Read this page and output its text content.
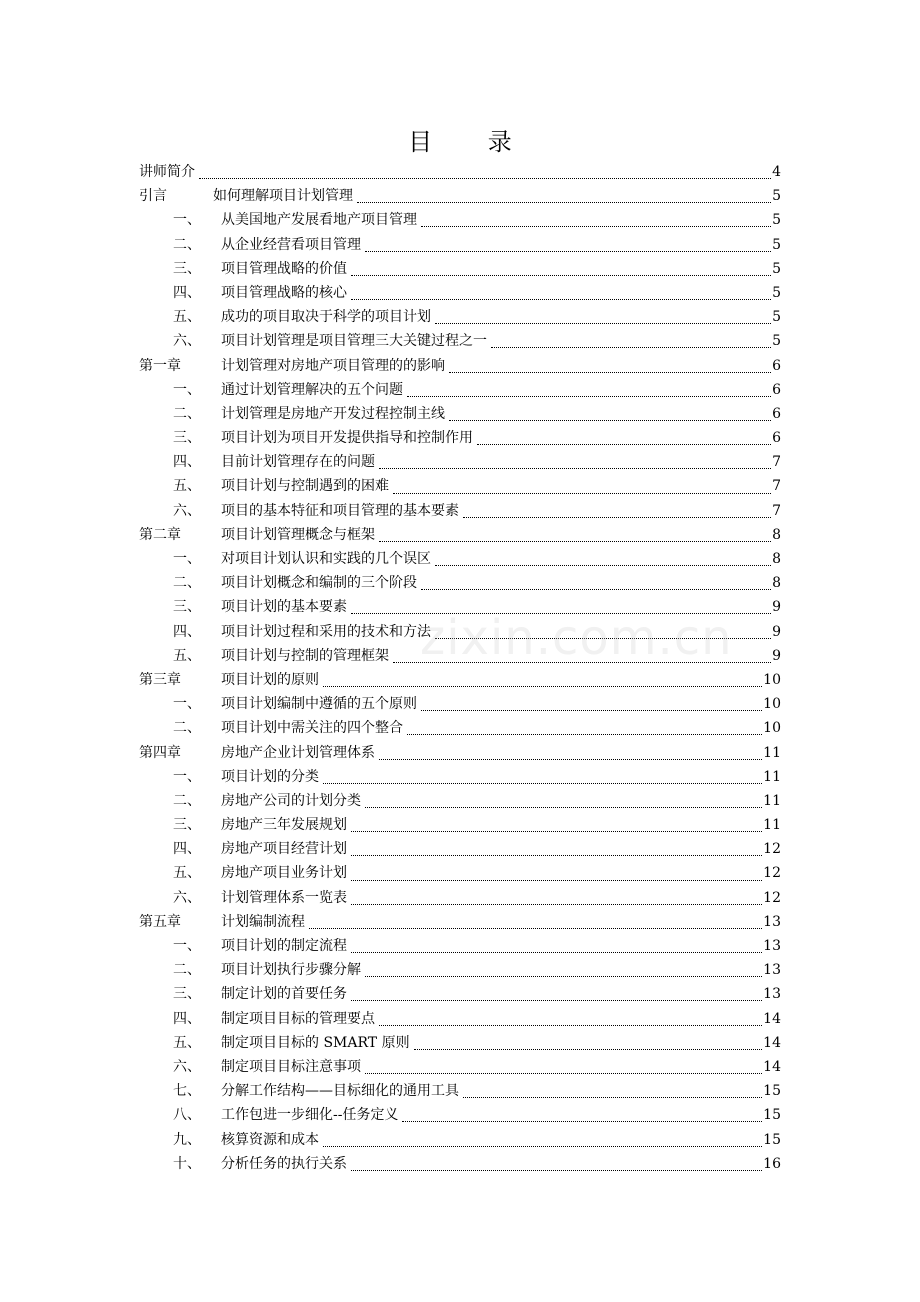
目 录
讲师简介	4
引言	如何理解项目计划管理	5
一、	从美国地产发展看地产项目管理	5
二、	从企业经营看项目管理	5
三、	项目管理战略的价值	5
四、	项目管理战略的核心	5
五、	成功的项目取决于科学的项目计划	5
六、	项目计划管理是项目管理三大关键过程之一	5
第一章	计划管理对房地产项目管理的的影响	6
一、	通过计划管理解决的五个问题	6
二、	计划管理是房地产开发过程控制主线	6
三、	项目计划为项目开发提供指导和控制作用	6
四、	目前计划管理存在的问题	7
五、	项目计划与控制遇到的困难	7
六、	项目的基本特征和项目管理的基本要素	7
第二章	项目计划管理概念与框架	8
一、	对项目计划认识和实践的几个误区	8
二、	项目计划概念和编制的三个阶段	8
三、	项目计划的基本要素	9
四、	项目计划过程和采用的技术和方法	9
五、	项目计划与控制的管理框架	9
第三章	项目计划的原则	10
一、	项目计划编制中遵循的五个原则	10
二、	项目计划中需关注的四个整合	10
第四章	房地产企业计划管理体系	11
一、	项目计划的分类	11
二、	房地产公司的计划分类	11
三、	房地产三年发展规划	11
四、	房地产项目经营计划	12
五、	房地产项目业务计划	12
六、	计划管理体系一览表	12
第五章	计划编制流程	13
一、	项目计划的制定流程	13
二、	项目计划执行步骤分解	13
三、	制定计划的首要任务	13
四、	制定项目目标的管理要点	14
五、	制定项目目标的 SMART 原则	14
六、	制定项目目标注意事项	14
七、	分解工作结构——目标细化的通用工具	15
八、	工作包进一步细化--任务定义	15
九、	核算资源和成本	15
十、	分析任务的执行关系	16
zixin.com.cn
